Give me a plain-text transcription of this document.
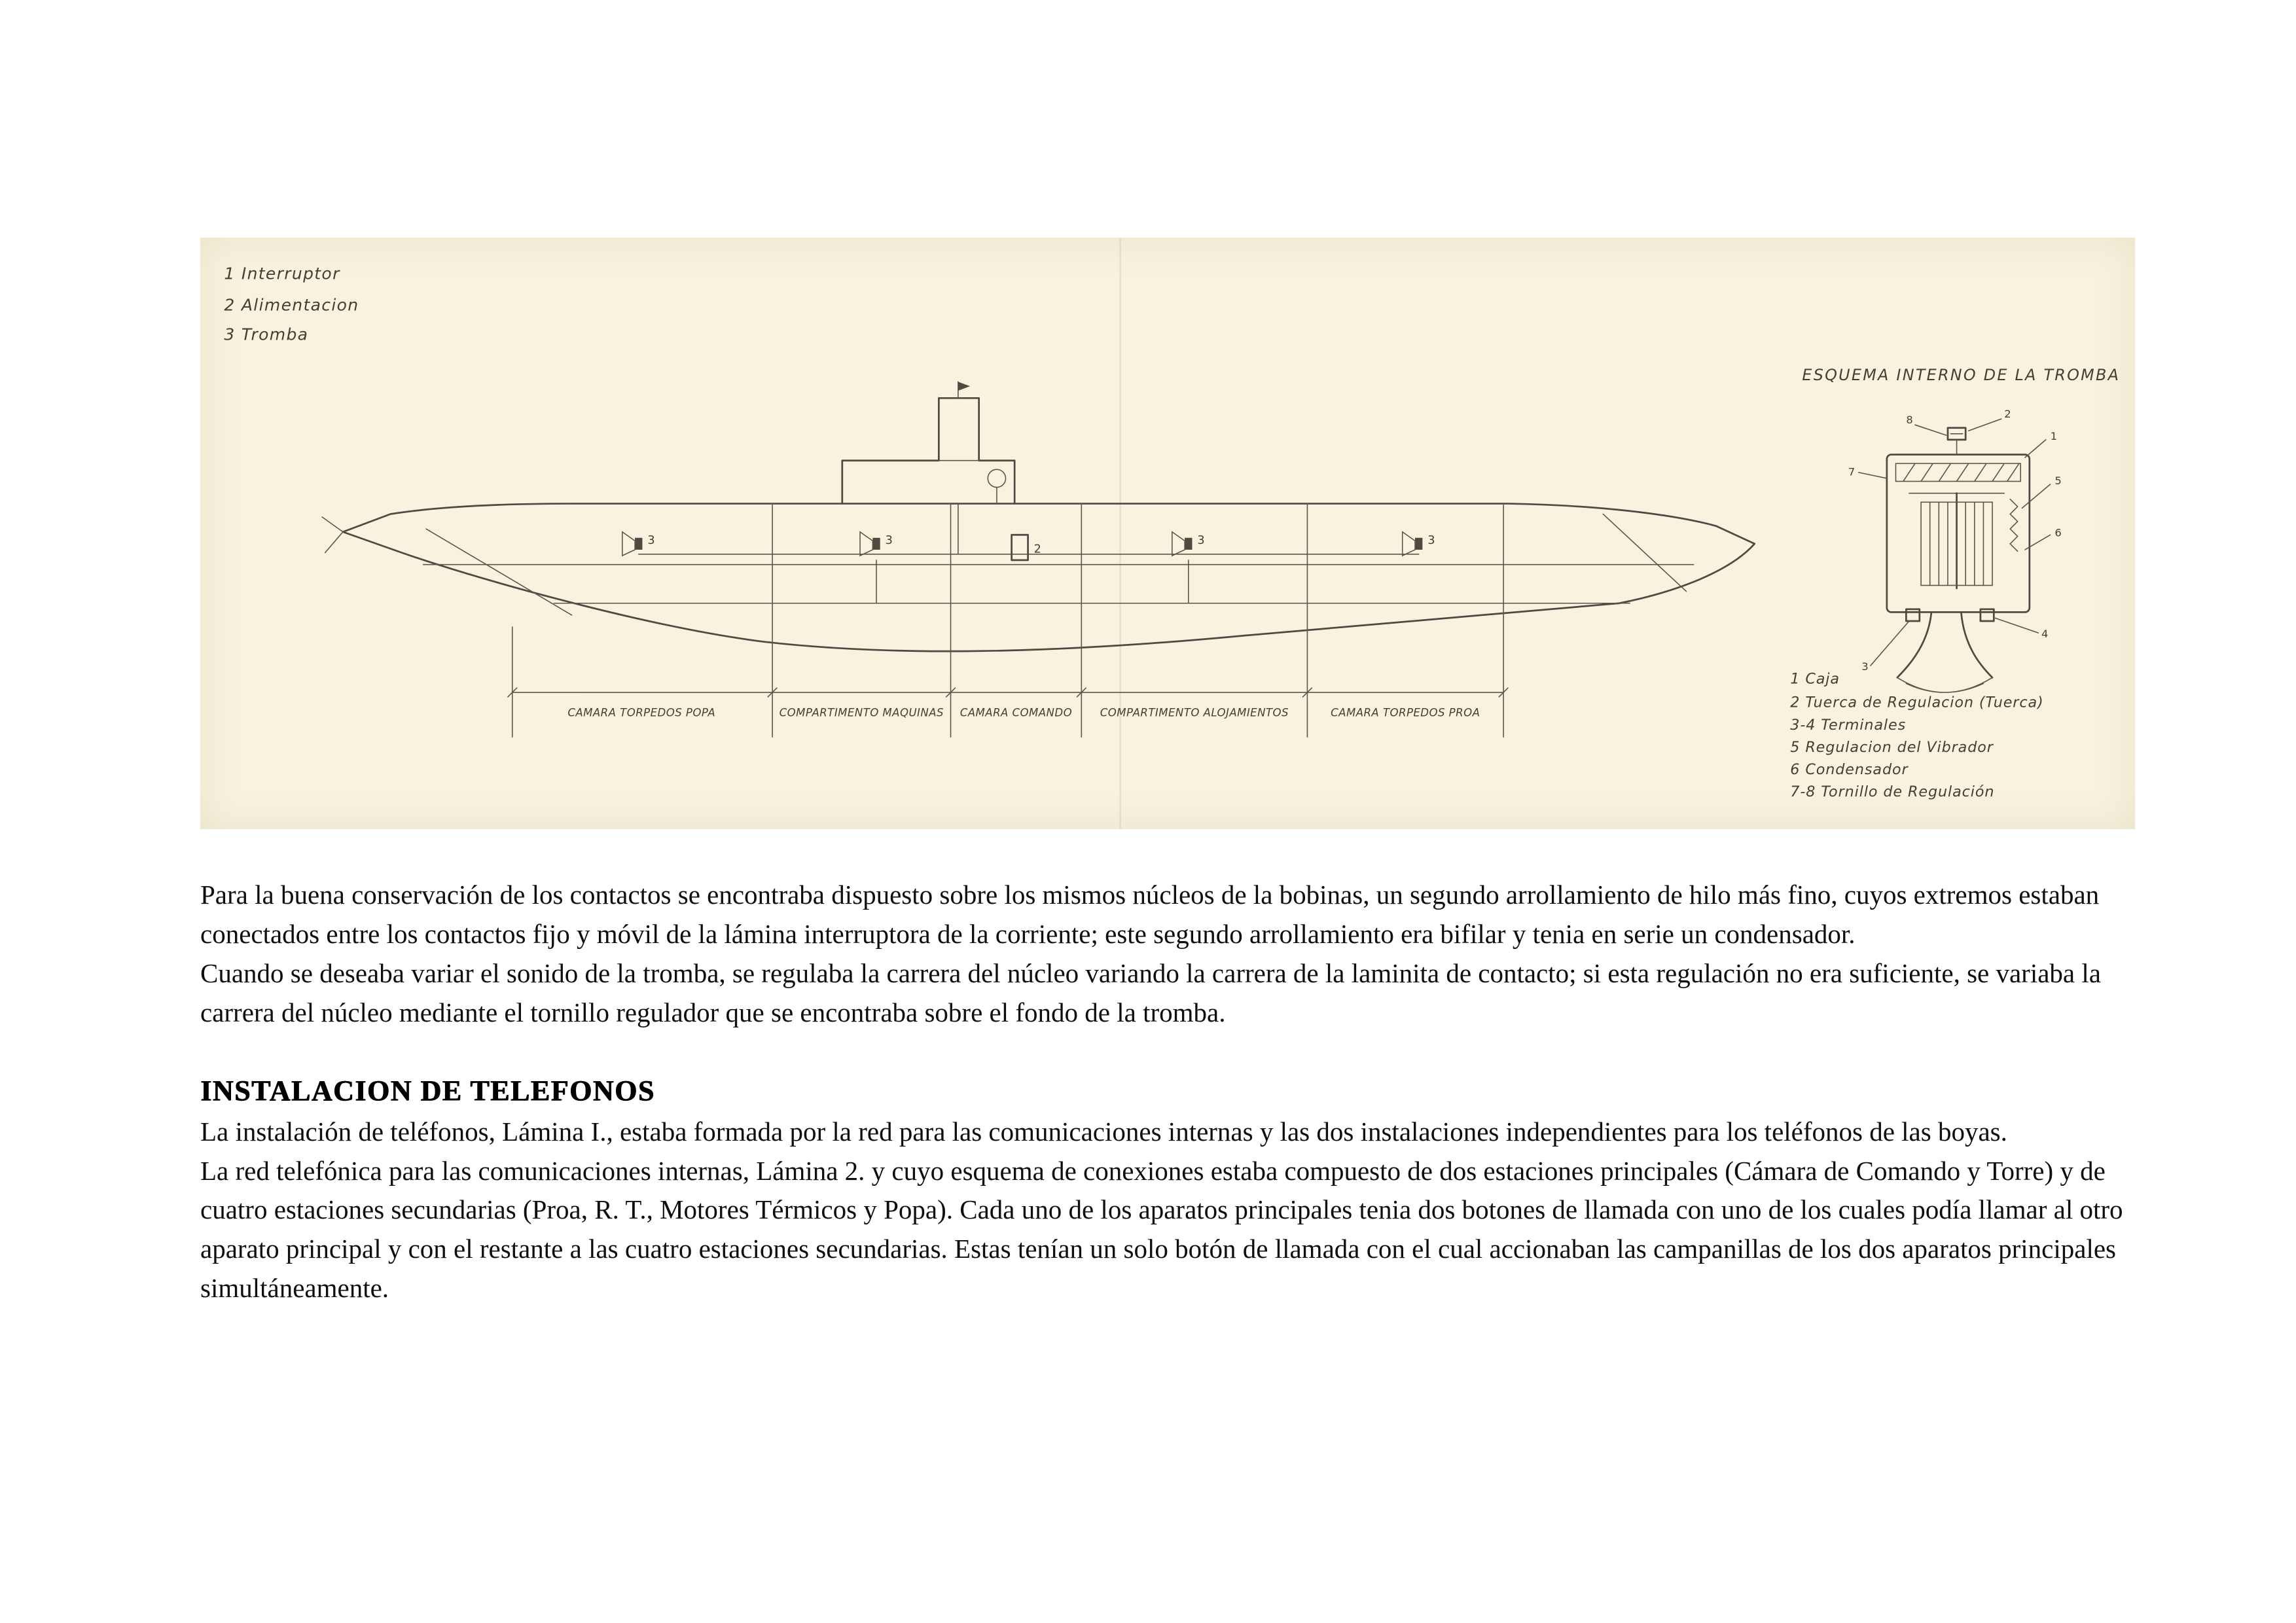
1 Interruptor
2 Alimentacion
3 Tromba
ESQUEMA INTERNO DE LA TROMBA
3	3	3	3
2
CAMARA TORPEDOS POPA	COMPARTIMENTO MAQUINAS	CAMARA COMANDO	COMPARTIMENTO ALOJAMIENTOS	CAMARA TORPEDOS PROA
8	2
1
5
6
7
3
4
1 Caja
2 Tuerca de Regulacion (Tuerca)
3-4 Terminales
5 Regulacion del Vibrador
6 Condensador
7-8 Tornillo de Regulación

Para la buena conservación de los contactos se encontraba dispuesto sobre los mismos núcleos de la bobinas, un segundo arrollamiento de hilo más fino, cuyos extremos estaban conectados entre los contactos fijo y móvil de la lámina interruptora de la corriente; este segundo arrollamiento era bifilar y tenia en serie un condensador.

Cuando se deseaba variar el sonido de la tromba, se regulaba la carrera del núcleo variando la carrera de la laminita de contacto; si esta regulación no era suficiente, se variaba la carrera del núcleo mediante el tornillo regulador que se encontraba sobre el fondo de la tromba.

INSTALACION DE TELEFONOS

La instalación de teléfonos, Lámina I., estaba formada por la red para las comunicaciones internas y las dos instalaciones independientes para los teléfonos de las boyas.

La red telefónica para las comunicaciones internas, Lámina 2. y cuyo esquema de conexiones estaba compuesto de dos estaciones principales (Cámara de Comando y Torre) y de cuatro estaciones secundarias (Proa, R. T., Motores Térmicos y Popa). Cada uno de los aparatos principales tenia dos botones de llamada con uno de los cuales podía llamar al otro aparato principal y con el restante a las cuatro estaciones secundarias. Estas tenían un solo botón de llamada con el cual accionaban las campanillas de los dos aparatos principales simultáneamente.
